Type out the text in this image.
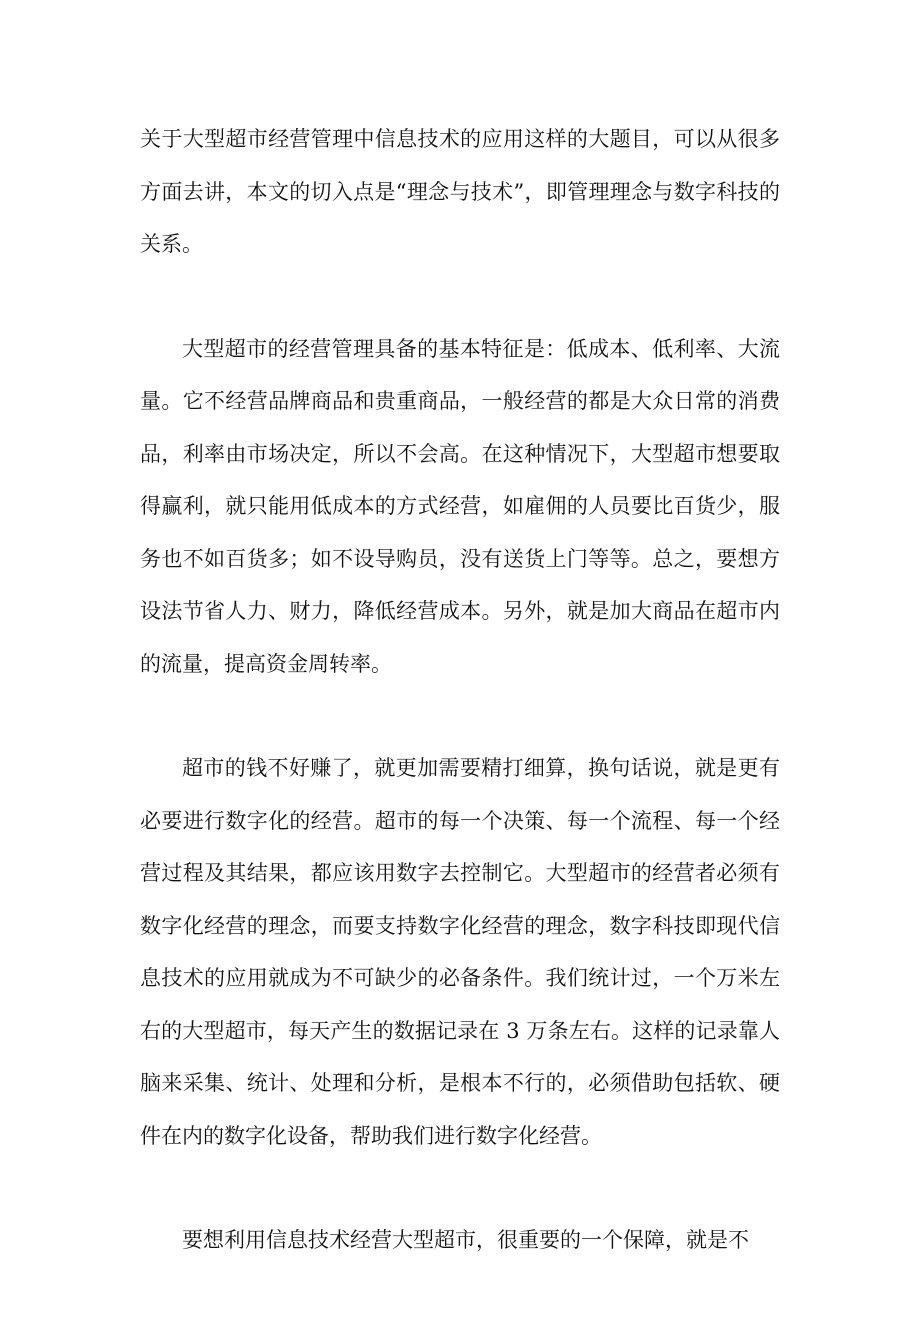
关于大型超市经营管理中信息技术的应用这样的大题目，可以从很多方面去讲，本文的切入点是“理念与技术”，即管理理念与数字科技的关系。

大型超市的经营管理具备的基本特征是：低成本、低利率、大流量。它不经营品牌商品和贵重商品，一般经营的都是大众日常的消费品，利率由市场决定，所以不会高。在这种情况下，大型超市想要取得赢利，就只能用低成本的方式经营，如雇佣的人员要比百货少，服务也不如百货多；如不设导购员，没有送货上门等等。总之，要想方设法节省人力、财力，降低经营成本。另外，就是加大商品在超市内的流量，提高资金周转率。

超市的钱不好赚了，就更加需要精打细算，换句话说，就是更有必要进行数字化的经营。超市的每一个决策、每一个流程、每一个经营过程及其结果，都应该用数字去控制它。大型超市的经营者必须有数字化经营的理念，而要支持数字化经营的理念，数字科技即现代信息技术的应用就成为不可缺少的必备条件。我们统计过，一个万米左右的大型超市，每天产生的数据记录在 3 万条左右。这样的记录靠人脑来采集、统计、处理和分析，是根本不行的，必须借助包括软、硬件在内的数字化设备，帮助我们进行数字化经营。

要想利用信息技术经营大型超市，很重要的一个保障，就是不
